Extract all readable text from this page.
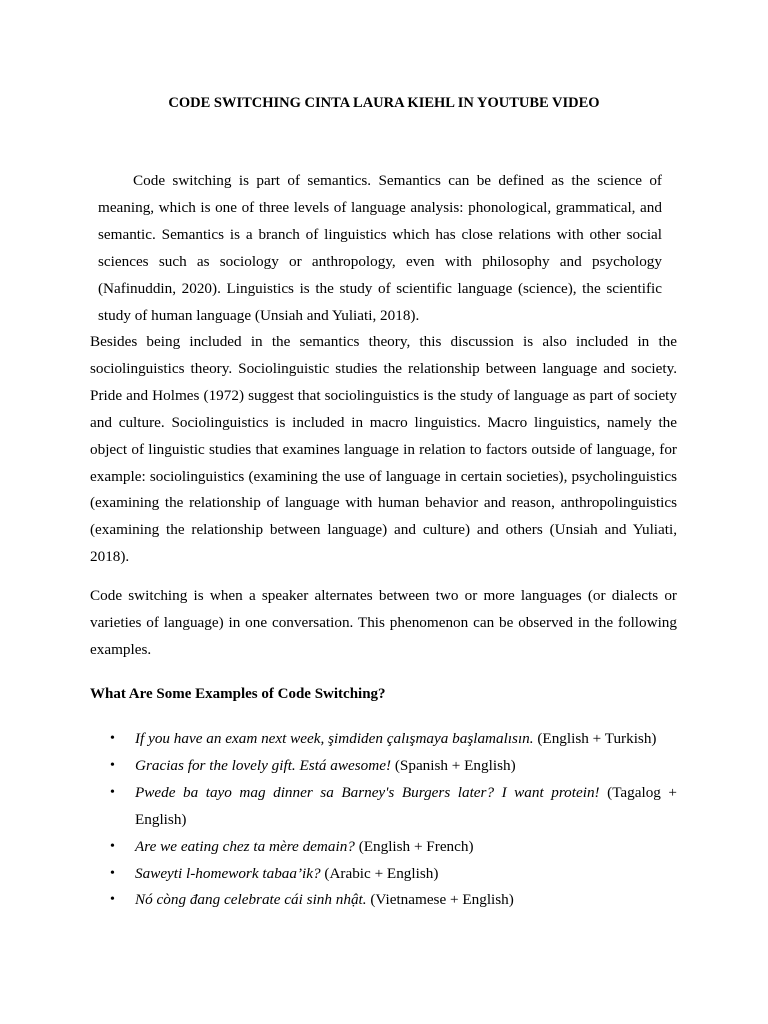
CODE SWITCHING CINTA LAURA KIEHL IN YOUTUBE VIDEO

Code switching is part of semantics. Semantics can be defined as the science of meaning, which is one of three levels of language analysis: phonological, grammatical, and semantic. Semantics is a branch of linguistics which has close relations with other social sciences such as sociology or anthropology, even with philosophy and psychology (Nafinuddin, 2020). Linguistics is the study of scientific language (science), the scientific study of human language (Unsiah and Yuliati, 2018).

Besides being included in the semantics theory, this discussion is also included in the sociolinguistics theory. Sociolinguistic studies the relationship between language and society. Pride and Holmes (1972) suggest that sociolinguistics is the study of language as part of society and culture. Sociolinguistics is included in macro linguistics. Macro linguistics, namely the object of linguistic studies that examines language in relation to factors outside of language, for example: sociolinguistics (examining the use of language in certain societies), psycholinguistics (examining the relationship of language with human behavior and reason, anthropolinguistics (examining the relationship between language) and culture) and others (Unsiah and Yuliati, 2018).

Code switching is when a speaker alternates between two or more languages (or dialects or varieties of language) in one conversation. This phenomenon can be observed in the following examples.

What Are Some Examples of Code Switching?
• If you have an exam next week, şimdiden çalışmaya başlamalısın. (English + Turkish)
• Gracias for the lovely gift. Está awesome! (Spanish + English)
• Pwede ba tayo mag dinner sa Barney's Burgers later? I want protein! (Tagalog + English)
• Are we eating chez ta mère demain? (English + French)
• Saweyti l-homework tabaa’ik? (Arabic + English)
• Nó còng đang celebrate cái sinh nhật. (Vietnamese + English)
